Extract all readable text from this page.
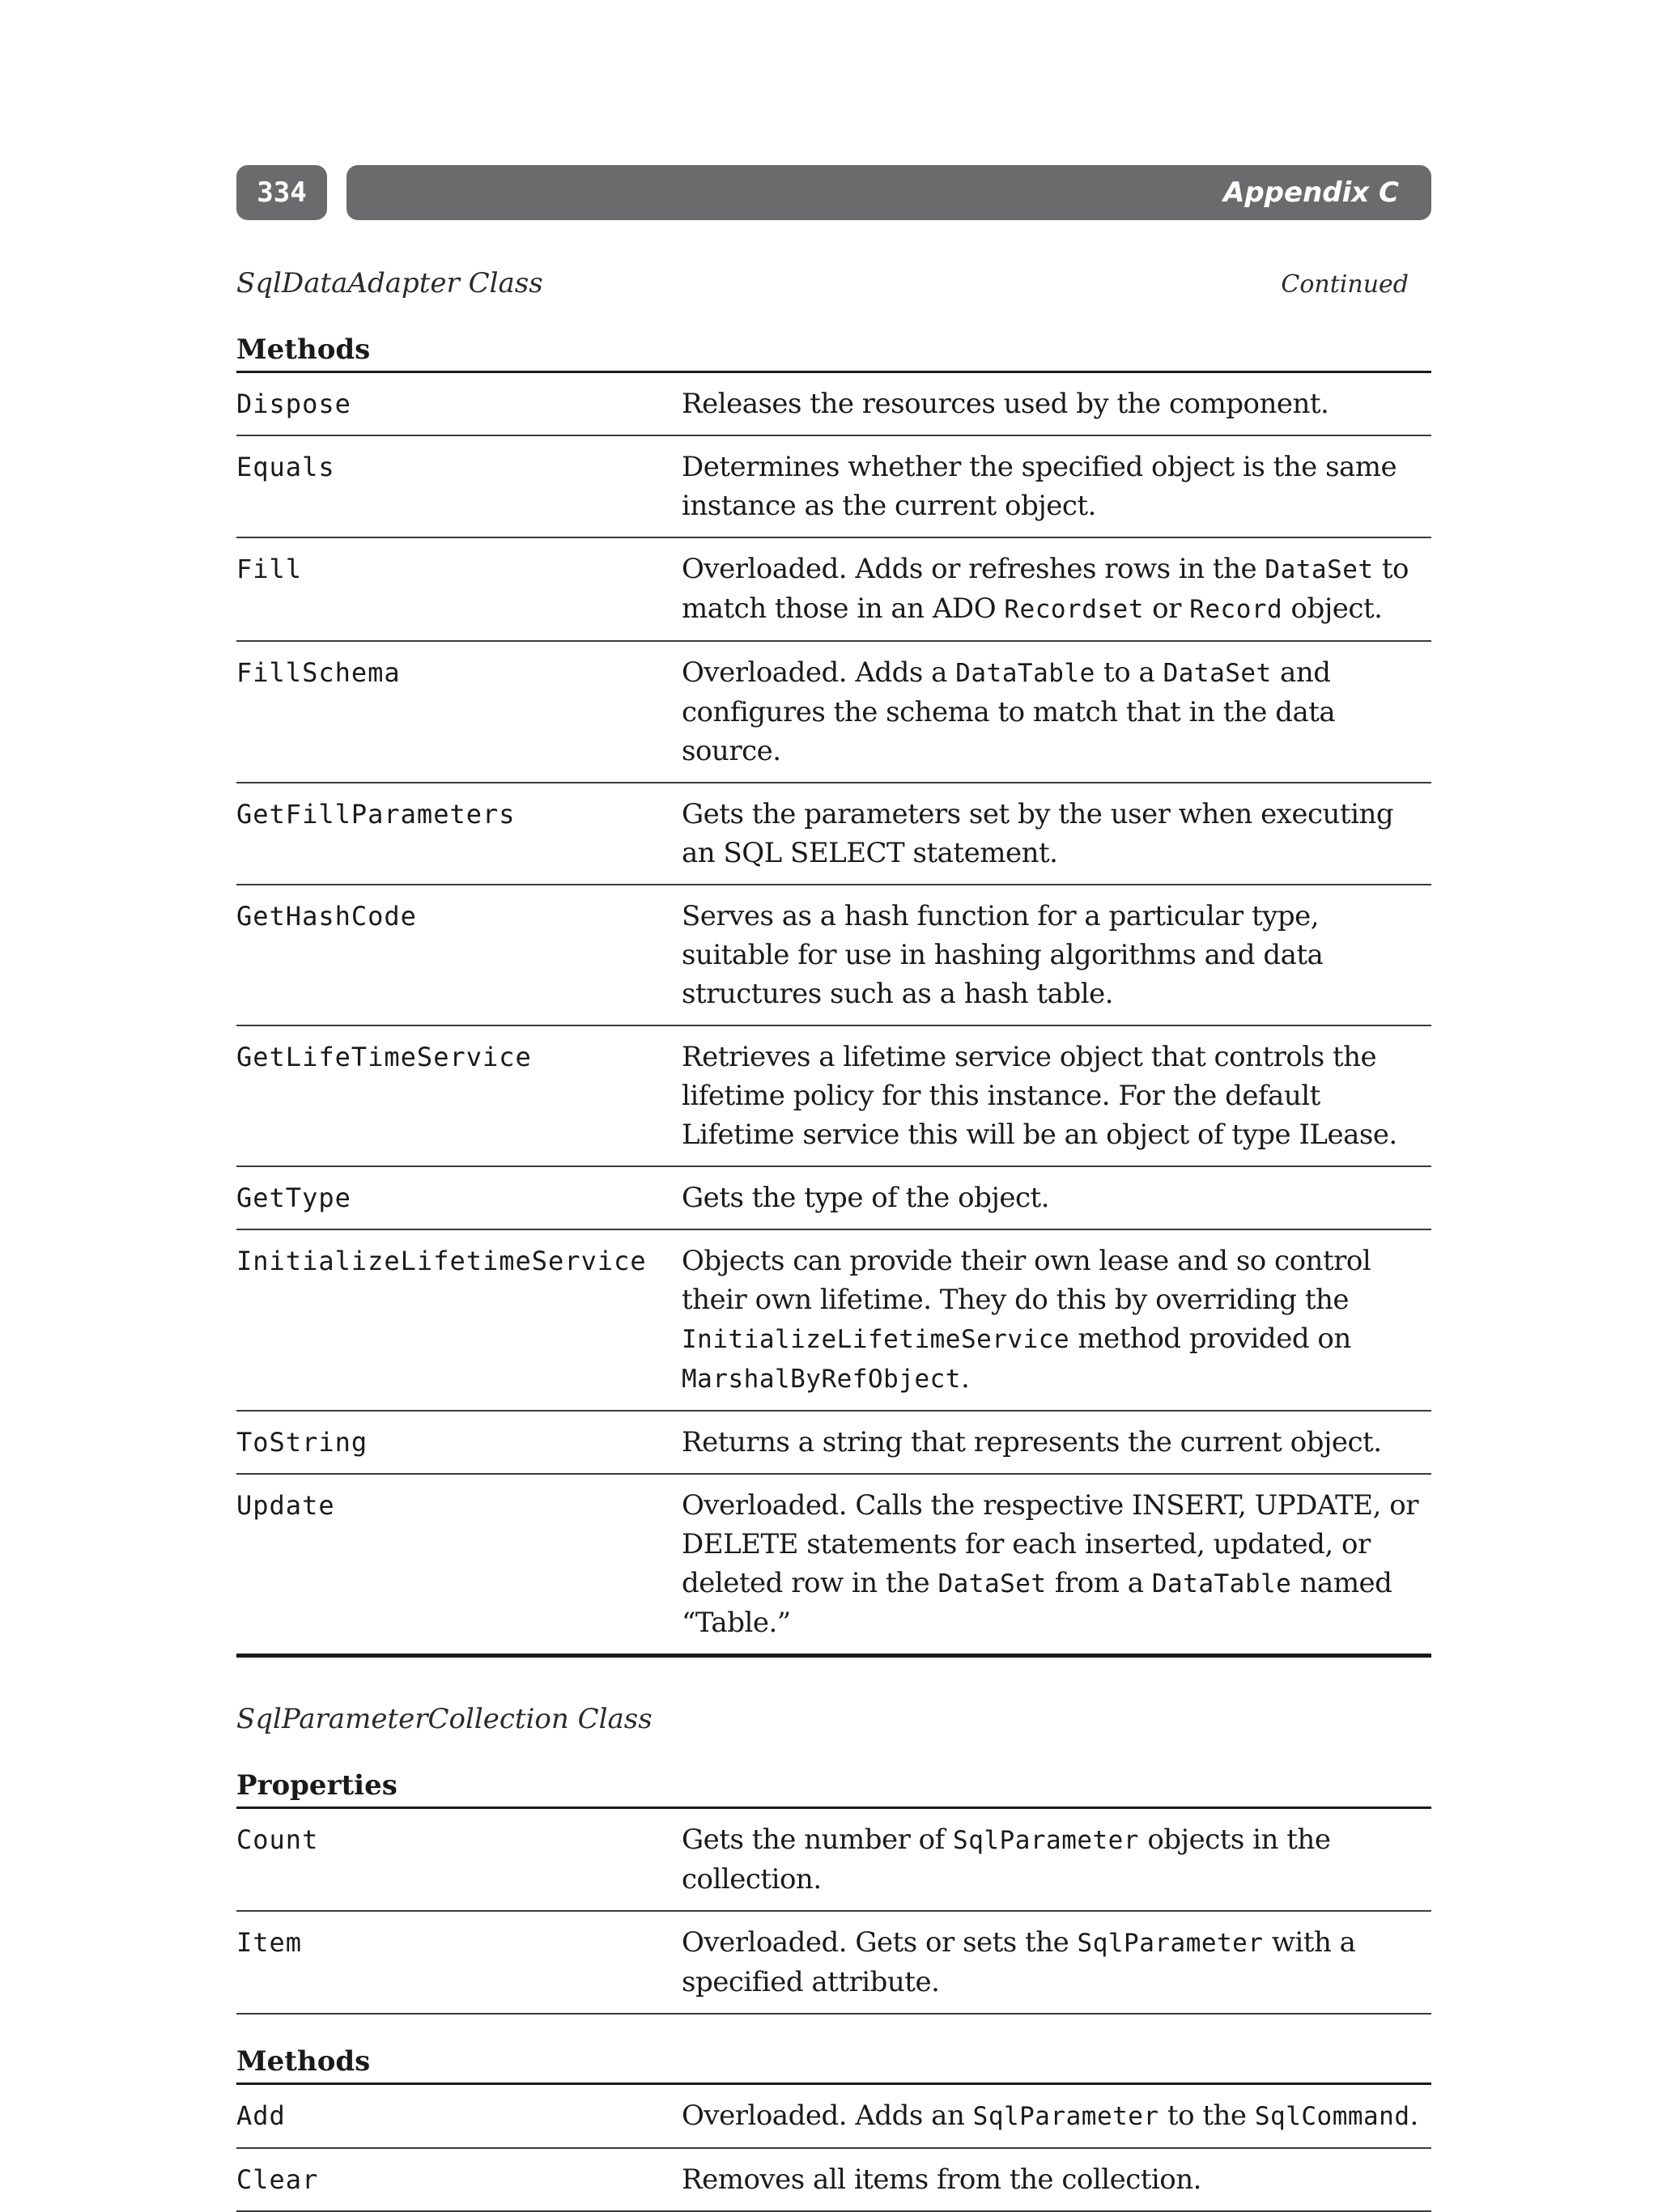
334	Appendix C
SqlDataAdapter Class	Continued
Methods
Dispose	Releases the resources used by the component.
Equals	Determines whether the specified object is the same instance as the current object.
Fill	Overloaded. Adds or refreshes rows in the DataSet to match those in an ADO Recordset or Record object.
FillSchema	Overloaded. Adds a DataTable to a DataSet and configures the schema to match that in the data source.
GetFillParameters	Gets the parameters set by the user when executing an SQL SELECT statement.
GetHashCode	Serves as a hash function for a particular type, suitable for use in hashing algorithms and data structures such as a hash table.
GetLifeTimeService	Retrieves a lifetime service object that controls the lifetime policy for this instance. For the default Lifetime service this will be an object of type ILease.
GetType	Gets the type of the object.
InitializeLifetimeService	Objects can provide their own lease and so control their own lifetime. They do this by overriding the InitializeLifetimeService method provided on MarshalByRefObject.
ToString	Returns a string that represents the current object.
Update	Overloaded. Calls the respective INSERT, UPDATE, or DELETE statements for each inserted, updated, or deleted row in the DataSet from a DataTable named “Table.”
SqlParameterCollection Class
Properties
Count	Gets the number of SqlParameter objects in the collection.
Item	Overloaded. Gets or sets the SqlParameter with a specified attribute.
Methods
Add	Overloaded. Adds an SqlParameter to the SqlCommand.
Clear	Removes all items from the collection.
